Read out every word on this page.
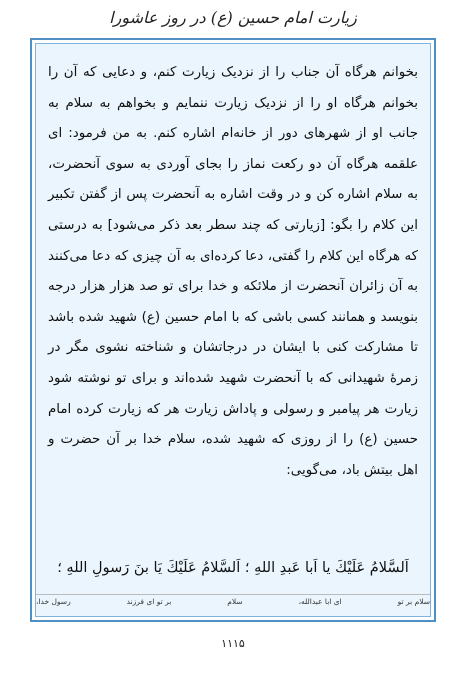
زیارت امام حسین (ع) در روز عاشورا

بخوانم هرگاه آن جناب را از نزدیک زیارت کنم، و دعایی که آن را بخوانم هرگاه او را از نزدیک زیارت ننمایم و بخواهم به سلام به جانب او از شهرهای دور از خانه‌ام اشاره کنم. به من فرمود: ای علقمه هرگاه آن دو رکعت نماز را بجای آوردی به سوی آنحضرت، به سلام اشاره کن و در وقت اشاره به آنحضرت پس از گفتن تکبیر این کلام را بگو: [زیارتی که چند سطر بعد ذکر می‌شود] به درستی که هرگاه این کلام را گفتی، دعا کرده‌ای به آن چیزی که دعا می‌کنند به آن زائران آنحضرت از ملائکه و خدا برای تو صد هزار هزار درجه بنویسد و همانند کسی باشی که با امام حسین (ع) شهید شده باشد تا مشارکت کنی با ایشان در درجاتشان و شناخته نشوی مگر در زمرهٔ شهیدانی که با آنحضرت شهید شده‌اند و برای تو نوشته شود زیارت هر پیامبر و رسولی و پاداش زیارت هر که زیارت کرده امام حسین (ع) را از روزی که شهید شده، سلام خدا بر آن حضرت و اهل بیتش باد، می‌گویی:

اَلسَّلامُ عَلَيْكَ يا اَبا عَبدِ اللهِ ؛ اَلسَّلامُ عَلَيْكَ يَا بنَ رَسولِ اللهِ ؛
سلام بر تو
ای ابا عبدالله،
سلام
بر تو ای فرزند
رسول خدا،
۱۱۱۵
